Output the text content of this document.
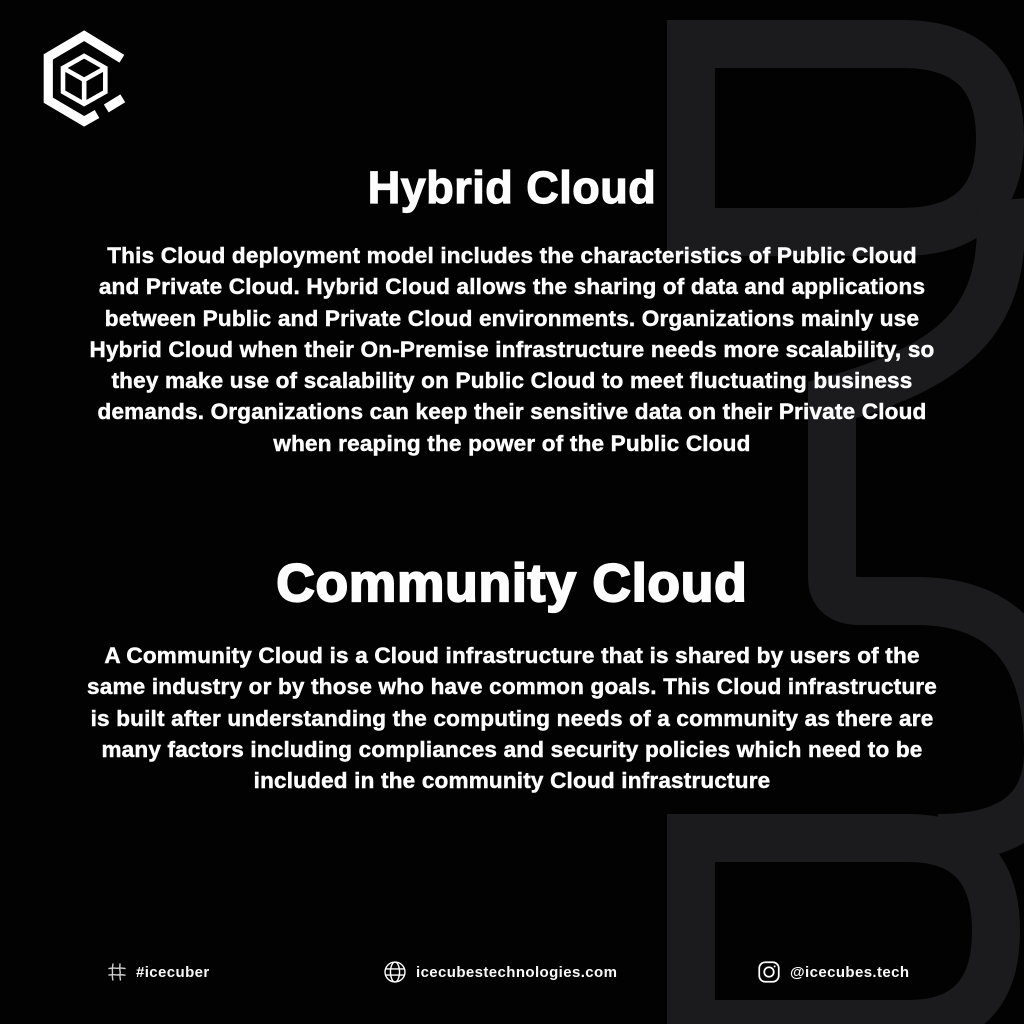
Hybrid Cloud
This Cloud deployment model includes the characteristics of Public Cloud and Private Cloud. Hybrid Cloud allows the sharing of data and applications between Public and Private Cloud environments. Organizations mainly use Hybrid Cloud when their On-Premise infrastructure needs more scalability, so they make use of scalability on Public Cloud to meet fluctuating business demands. Organizations can keep their sensitive data on their Private Cloud when reaping the power of the Public Cloud
Community Cloud
A Community Cloud is a Cloud infrastructure that is shared by users of the same industry or by those who have common goals. This Cloud infrastructure is built after understanding the computing needs of a community as there are many factors including compliances and security policies which need to be included in the community Cloud infrastructure
#icecuber	icecubestechnologies.com	@icecubes.tech
